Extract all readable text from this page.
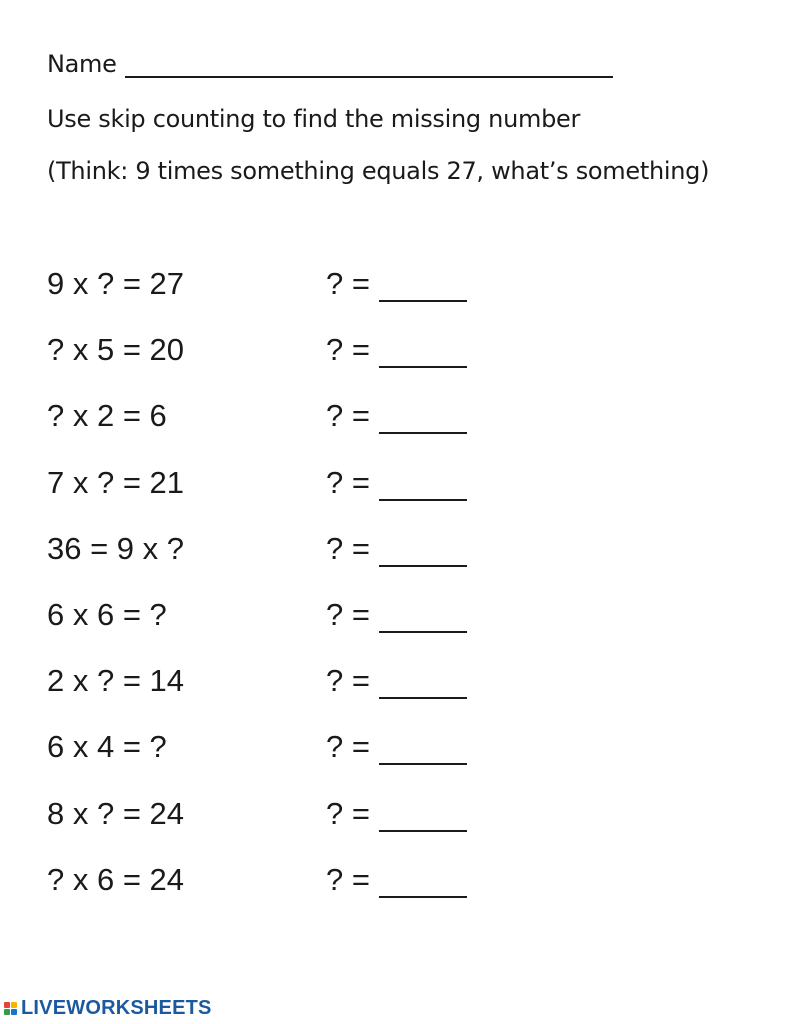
Name
Use skip counting to find the missing number
(Think: 9 times something equals 27, what’s something)
9 x ? = 27	? =
? x 5 = 20	? =
? x 2 = 6	? =
7 x ? = 21	? =
36 = 9 x ?	? =
6 x 6 = ?	? =
2 x ? = 14	? =
6 x 4 = ?	? =
8 x ? = 24	? =
? x 6 = 24	? =
LIVEWORKSHEETS
